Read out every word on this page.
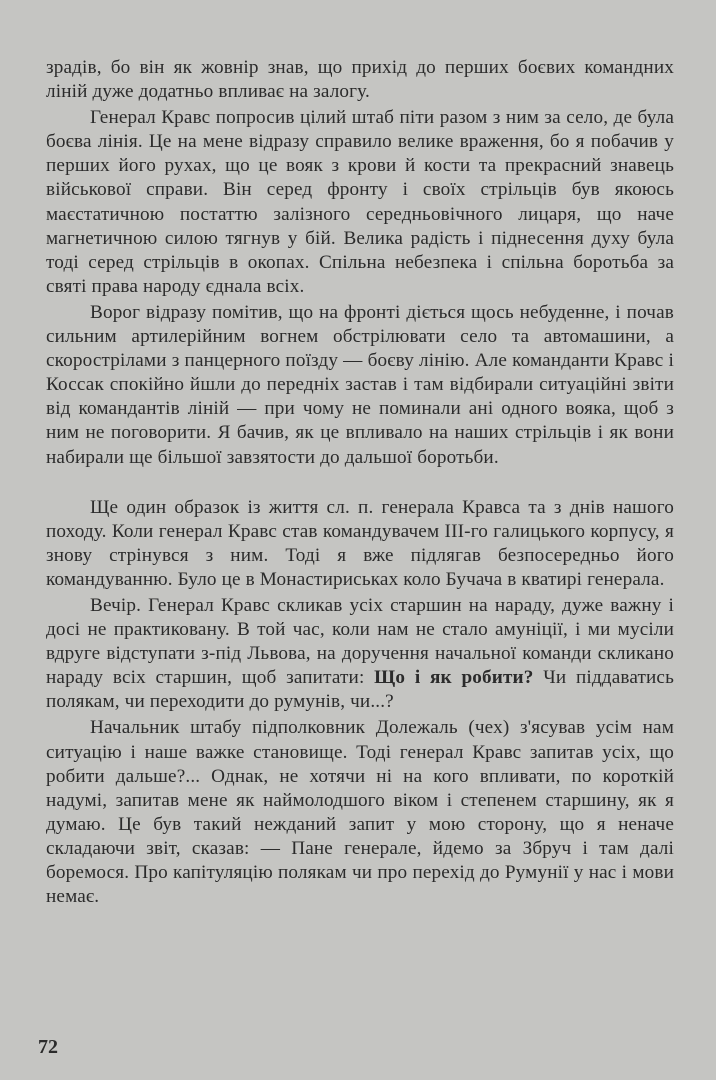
зрадів, бо він як жовнір знав, що прихід до перших боєвих командних ліній дуже додатньо впливає на залогу.

Генерал Кравс попросив цілий штаб піти разом з ним за село, де була боєва лінія. Це на мене відразу справило велике враження, бо я побачив у перших його рухах, що це вояк з крови й кости та прекрасний знавець військової справи. Він серед фронту і своїх стрільців був якоюсь маєстатичною постаттю залізного середньовічного лицаря, що наче магнетичною силою тягнув у бій. Велика радість і піднесення духу була тоді серед стрільців в окопах. Спільна небезпека і спільна боротьба за святі права народу єднала всіх.

Ворог відразу помітив, що на фронті діється щось небуденне, і почав сильним артилерійним вогнем обстрілювати село та автомашини, а скорострілами з панцерного поїзду — боєву лінію. Але команданти Кравс і Коссак спокійно йшли до передніх застав і там відбирали ситуаційні звіти від командантів ліній — при чому не поминали ані одного вояка, щоб з ним не поговорити. Я бачив, як це впливало на наших стрільців і як вони набирали ще більшої завзятости до дальшої боротьби.

Ще один образок із життя сл. п. генерала Кравса та з днів нашого походу. Коли генерал Кравс став командувачем III-го галицького корпусу, я знову стрінувся з ним. Тоді я вже підлягав безпосередньо його командуванню. Було це в Монастириськах коло Бучача в кватирі генерала.

Вечір. Генерал Кравс скликав усіх старшин на нараду, дуже важну і досі не практиковану. В той час, коли нам не стало амуніції, і ми мусіли вдруге відступати з-під Львова, на доручення начальної команди скликано нараду всіх старшин, щоб запитати: Що і як робити? Чи піддаватись полякам, чи переходити до румунів, чи...?

Начальник штабу підполковник Долежаль (чех) з'ясував усім нам ситуацію і наше важке становище. Тоді генерал Кравс запитав усіх, що робити дальше?... Однак, не хотячи ні на кого впливати, по короткій надумі, запитав мене як наймолодшого віком і степенем старшину, як я думаю. Це був такий нежданий запит у мою сторону, що я неначе складаючи звіт, сказав: — Пане генерале, йдемо за Збруч і там далі боремося. Про капітуляцію полякам чи про перехід до Румунії у нас і мови немає.

72
